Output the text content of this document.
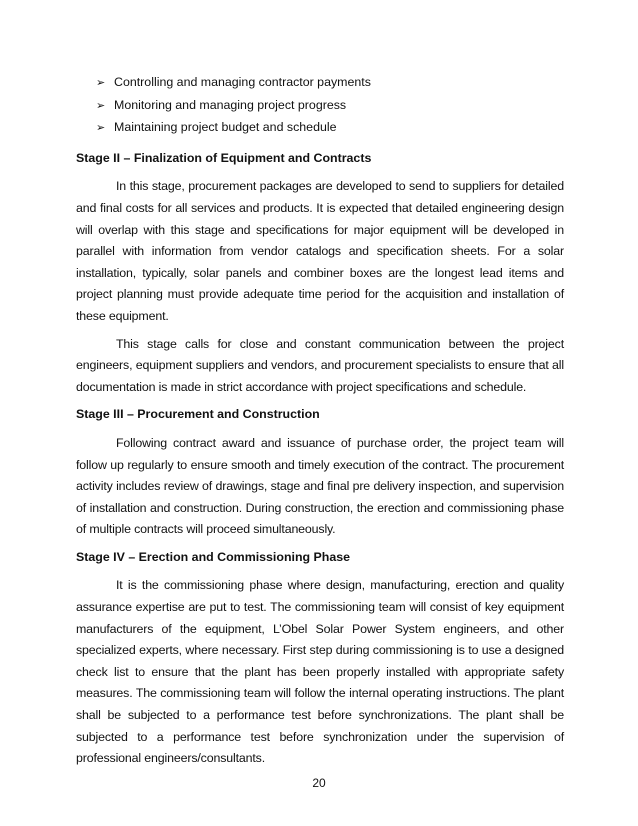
➢ Controlling and managing contractor payments
➢ Monitoring and managing project progress
➢ Maintaining project budget and schedule

Stage II – Finalization of Equipment and Contracts

In this stage, procurement packages are developed to send to suppliers for detailed and final costs for all services and products. It is expected that detailed engineering design will overlap with this stage and specifications for major equipment will be developed in parallel with information from vendor catalogs and specification sheets. For a solar installation, typically, solar panels and combiner boxes are the longest lead items and project planning must provide adequate time period for the acquisition and installation of these equipment.

This stage calls for close and constant communication between the project engineers, equipment suppliers and vendors, and procurement specialists to ensure that all documentation is made in strict accordance with project specifications and schedule.

Stage III – Procurement and Construction

Following contract award and issuance of purchase order, the project team will follow up regularly to ensure smooth and timely execution of the contract. The procurement activity includes review of drawings, stage and final pre delivery inspection, and supervision of installation and construction. During construction, the erection and commissioning phase of multiple contracts will proceed simultaneously.

Stage IV – Erection and Commissioning Phase

It is the commissioning phase where design, manufacturing, erection and quality assurance expertise are put to test. The commissioning team will consist of key equipment manufacturers of the equipment, L’Obel Solar Power System engineers, and other specialized experts, where necessary. First step during commissioning is to use a designed check list to ensure that the plant has been properly installed with appropriate safety measures. The commissioning team will follow the internal operating instructions. The plant shall be subjected to a performance test before synchronizations. The plant shall be subjected to a performance test before synchronization under the supervision of professional engineers/consultants.

20
